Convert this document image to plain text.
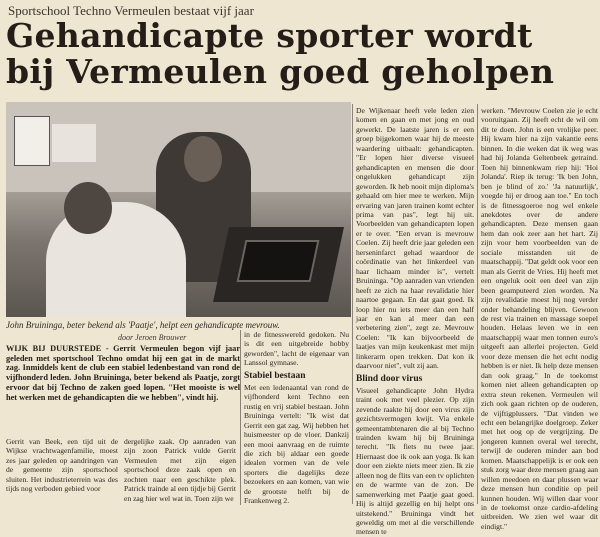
Sportschool Techno Vermeulen bestaat vijf jaar
Gehandicapte sporter wordt
bij Vermeulen goed geholpen
John Bruininga, beter bekend als 'Paatje', helpt een gehandicapte mevrouw.
door Jeroen Brouwer
WIJK BIJ DUURSTEDE - Gerrit Vermeulen begon vijf jaar geleden met sportschool Techno omdat hij een gat in de markt zag. Inmiddels kent de club een stabiel ledenbestand van rond de vijfhonderd leden. John Bruininga, beter bekend als Paatje, zorgt ervoor dat bij Techno de zaken goed lopen. "Het mooiste is wel het werken met de gehandicapten die we hebben", vindt hij.

Gerrit van Beek, een tijd uit de Wijkse vrachtwagenfamilie, moest zes jaar geleden op aandringen van de gemeente zijn sportschool sluiten. Het industrieterrein was des tijds nog verboden gebied voor

dergelijke zaak. Op aanraden van zijn zoon Patrick vulde Gerrit Vermeulen met zijn eigen sportschool deze zaak open en zochten naar een geschikte plek. Patrick trainde al een tijdje bij Gerrit en zag hier wel wat in. Toen zijn we

in de fitnesswereld gedoken. Nu is dit een uitgebreide hobby geworden", lacht de eigenaar van Lanssol gymnase.

Stabiel bestaan

Met een ledenaantal van rond de vijfhonderd kent Techno een rustig en vrij stabiel bestaan. John Bruininga vertelt: "Ik wist dat Gerrit een gat zag. Wij hebben het huismeester op de vloer. Dankzij een mooi aanvraag en de ruimte die zich bij aldaar een goede idealen vormen van de vele sporters die dagelijks deze bezoekers en aan komen, van wie de grootste helft bij de Frankenweg 2.

De Wijkenaar heeft vele leden zien komen en gaan en met jong en oud gewerkt. De laatste jaren is er een groep bijgekomen waar hij de meeste waardering uitbaalt: gehandicapten. "Er lopen hier diverse visueel gehandicapten en mensen die door ongelukken gehandicapt zijn geworden. Ik heb nooit mijn diploma's gehaald om hier mee te werken. Mijn ervaring van jaren trainen komt echter prima van pas", legt hij uit. Voorbeelden van gehandicapten lopen er te over. "Een ervan is mevrouw Coelen. Zij heeft drie jaar geleden een herseninfarct gehad waardoor de coördinatie van het linkerdeel van haar lichaam minder is", vertelt Bruininga. "Op aanraden van vrienden heeft ze zich na haar revalidatie hier naartoe gegaan. En dat gaat goed. Ik loop hier nu iets meer dan een half jaar en kan al meer dan een verbetering zien", zegt ze. Mevrouw Coelen: "Ik kan bijvoorbeeld de laatjes van mijn keukenkast met mijn linkerarm open trekken. Dat kon ik daarvoor niet", vult zij aan.

Blind door virus

Visueel gehandicapte John Hydra traint ook met veel plezier. Op zijn zevende raakte hij door een virus zijn gezichtsvermogen kwijt. Via enkele gemeentambtenaren die al bij Techno trainden kwam hij bij Bruininga terecht. "Ik fiets nu twee jaar. Hiernaast doe ik ook aan yoga. Ik kan door een ziekte niets meer zien. Ik zie alleen nog de flits van een tv oplichten en de warmte van de zon. De samenwerking met Paatje gaat goed. Hij is altijd gezellig en hij helpt ons uitstekend." Bruininga vindt het geweldig om met al die verschillende mensen te

werken. "Mevrouw Coelen zie je echt vooruitgaan. Zij heeft echt de wil om dit te doen. John is een vrolijke peer. Hij kwam hier na zijn vakantie eens binnen. In die weken dat ik weg was had hij Jolanda Geltenbeek getraind. Toen hij binnenkwam riep hij: 'Hoi Jolanda'. Riep ik terug: 'Ik ben John, ben je blind of zo.' 'Ja natuurlijk', voegde hij er droog aan toe." En toch is de fitnessgoeroe nog wel enkele anekdotes over de andere gehandicapten. Deze mensen gaan hem dan ook zeer aan het hart. Zij zijn voor hem voorbeelden van de sociale misstanden uit de maatschappij. "Dat geldt ook voor een man als Gerrit de Vries. Hij heeft met een ongeluk ooit een deel van zijn been geamputeerd zien worden. Na zijn revalidatie moest hij nog verder onder behandeling blijven. Gewoon de rest via trainen en massage soepel houden. Helaas leven we in een maatschappij waar men tonnen euro's uitgeeft aan allerlei projecten. Geld voor deze mensen die het echt nodig hebben is er niet. Ik help deze mensen dan ook graag." In de toekomst komen niet alleen gehandicapten op extra steun rekenen. Vermeulen wil zich ook gaan richten op de ouderen, de vijftigplussers. "Dat vinden we echt een belangrijke doelgroep. Zeker met het oog op de vergrijzing. De jongeren kunnen overal wel terecht, terwijl de ouderen minder aan bod komen. Maatschappelijk is er ook een stuk zorg waar deze mensen graag aan willen meedoen en daar plussen waar deze mensen hun conditie op peil kunnen houden. Wij willen daar voor in de toekomst onze cardio-afdeling uitbreiden. We zien wel waar dit eindigt."
